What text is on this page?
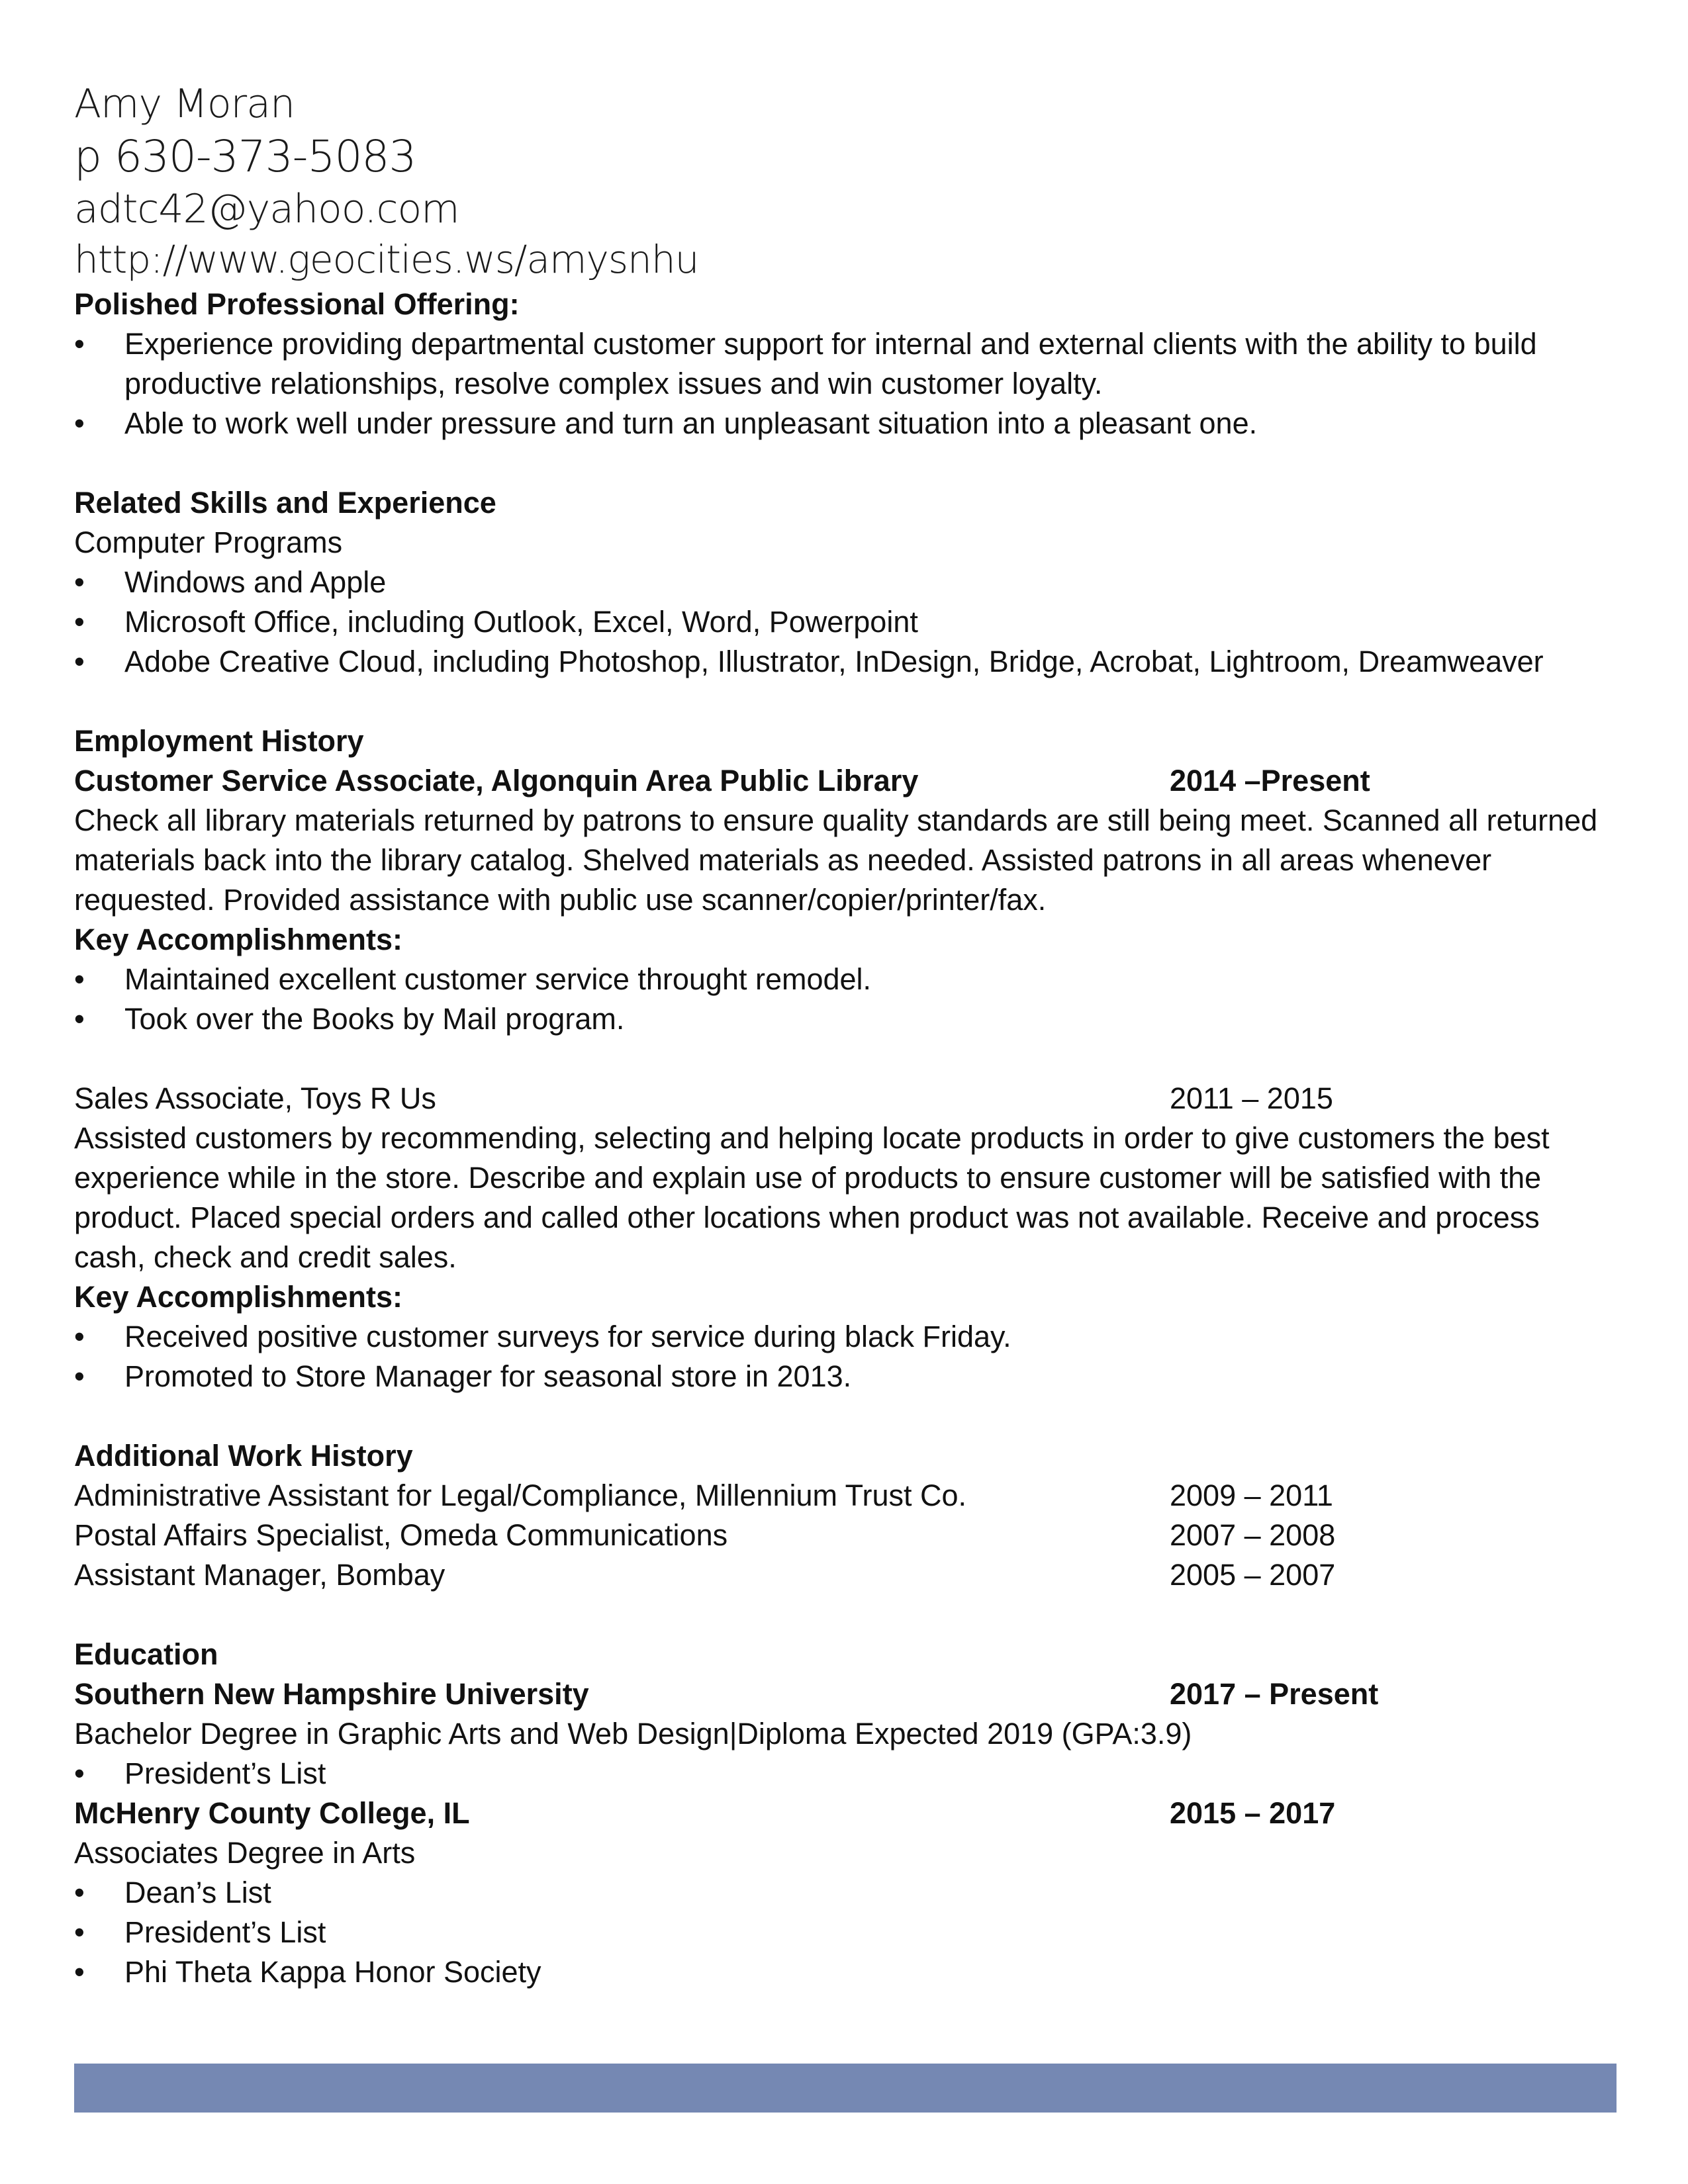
Amy Moran
p 630-373-5083
adtc42@yahoo.com
http://www.geocities.ws/amysnhu
Polished Professional Offering:
•	Experience providing departmental customer support for internal and external clients with the ability to build productive relationships, resolve complex issues and win customer loyalty.
•	Able to work well under pressure and turn an unpleasant situation into a pleasant one.
Related Skills and Experience
Computer Programs
•	Windows and Apple
•	Microsoft Office, including Outlook, Excel, Word, Powerpoint
•	Adobe Creative Cloud, including Photoshop, Illustrator, InDesign, Bridge, Acrobat, Lightroom, Dreamweaver
Employment History
Customer Service Associate, Algonquin Area Public Library	2014 –Present
Check all library materials returned by patrons to ensure quality standards are still being meet. Scanned all returned materials back into the library catalog. Shelved materials as needed. Assisted patrons in all areas whenever requested. Provided assistance with public use scanner/copier/printer/fax.
Key Accomplishments:
•	Maintained excellent customer service throught remodel.
•	Took over the Books by Mail program.
Sales Associate, Toys R Us	2011 – 2015
Assisted customers by recommending, selecting and helping locate products in order to give customers the best experience while in the store. Describe and explain use of products to ensure customer will be satisfied with the product. Placed special orders and called other locations when product was not available. Receive and process cash, check and credit sales.
Key Accomplishments:
•	Received positive customer surveys for service during black Friday.
•	Promoted to Store Manager for seasonal store in 2013.
Additional Work History
Administrative Assistant for Legal/Compliance, Millennium Trust Co.	2009 – 2011
Postal Affairs Specialist, Omeda Communications	2007 – 2008
Assistant Manager, Bombay	2005 – 2007
Education
Southern New Hampshire University	2017 – Present
Bachelor Degree in Graphic Arts and Web Design|Diploma Expected 2019 (GPA:3.9)
•	President’s List
McHenry County College, IL	2015 – 2017
Associates Degree in Arts
•	Dean’s List
•	President’s List
•	Phi Theta Kappa Honor Society
